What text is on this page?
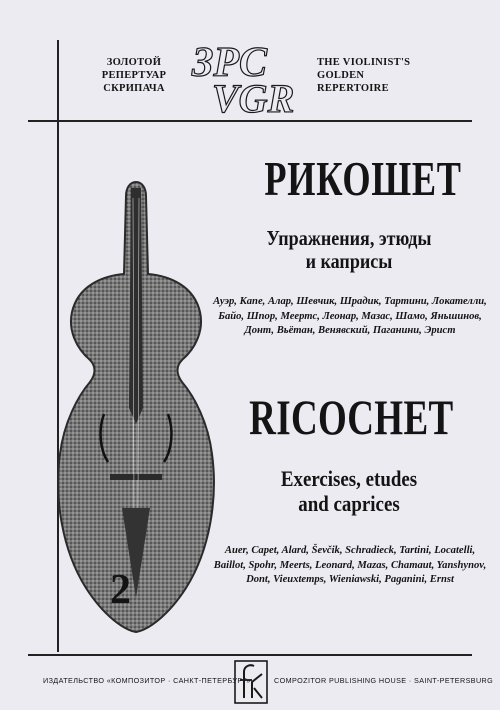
ЗОЛОТОЙ
РЕПЕРТУАР
СКРИПАЧА
ЗРС
VGR
THE VIOLINIST'S
GOLDEN
REPERTOIRE
РИКОШЕТ
Упражнения, этюды
и каприсы
Ауэр, Капе, Алар, Шевчик, Шрадик, Тартини, Локателли, Байо, Шпор, Меертс, Леонар, Мазас, Шамо, Яньшинов, Донт, Вьётан, Венявский, Паганини, Эрист
RICOCHET
Exercises, etudes
and caprices
Auer, Capet, Alard, Ševčik, Schradieck, Tartini, Locatelli, Baillot, Spohr, Meerts, Leonard, Mazas, Chamaut, Yanshynov, Dont, Vieuxtemps, Wieniawski, Paganini, Ernst
2
ИЗДАТЕЛЬСТВО «КОМПОЗИТОР · САНКТ-ПЕТЕРБУРГ»	COMPOZITOR PUBLISHING HOUSE · SAINT-PETERSBURG
